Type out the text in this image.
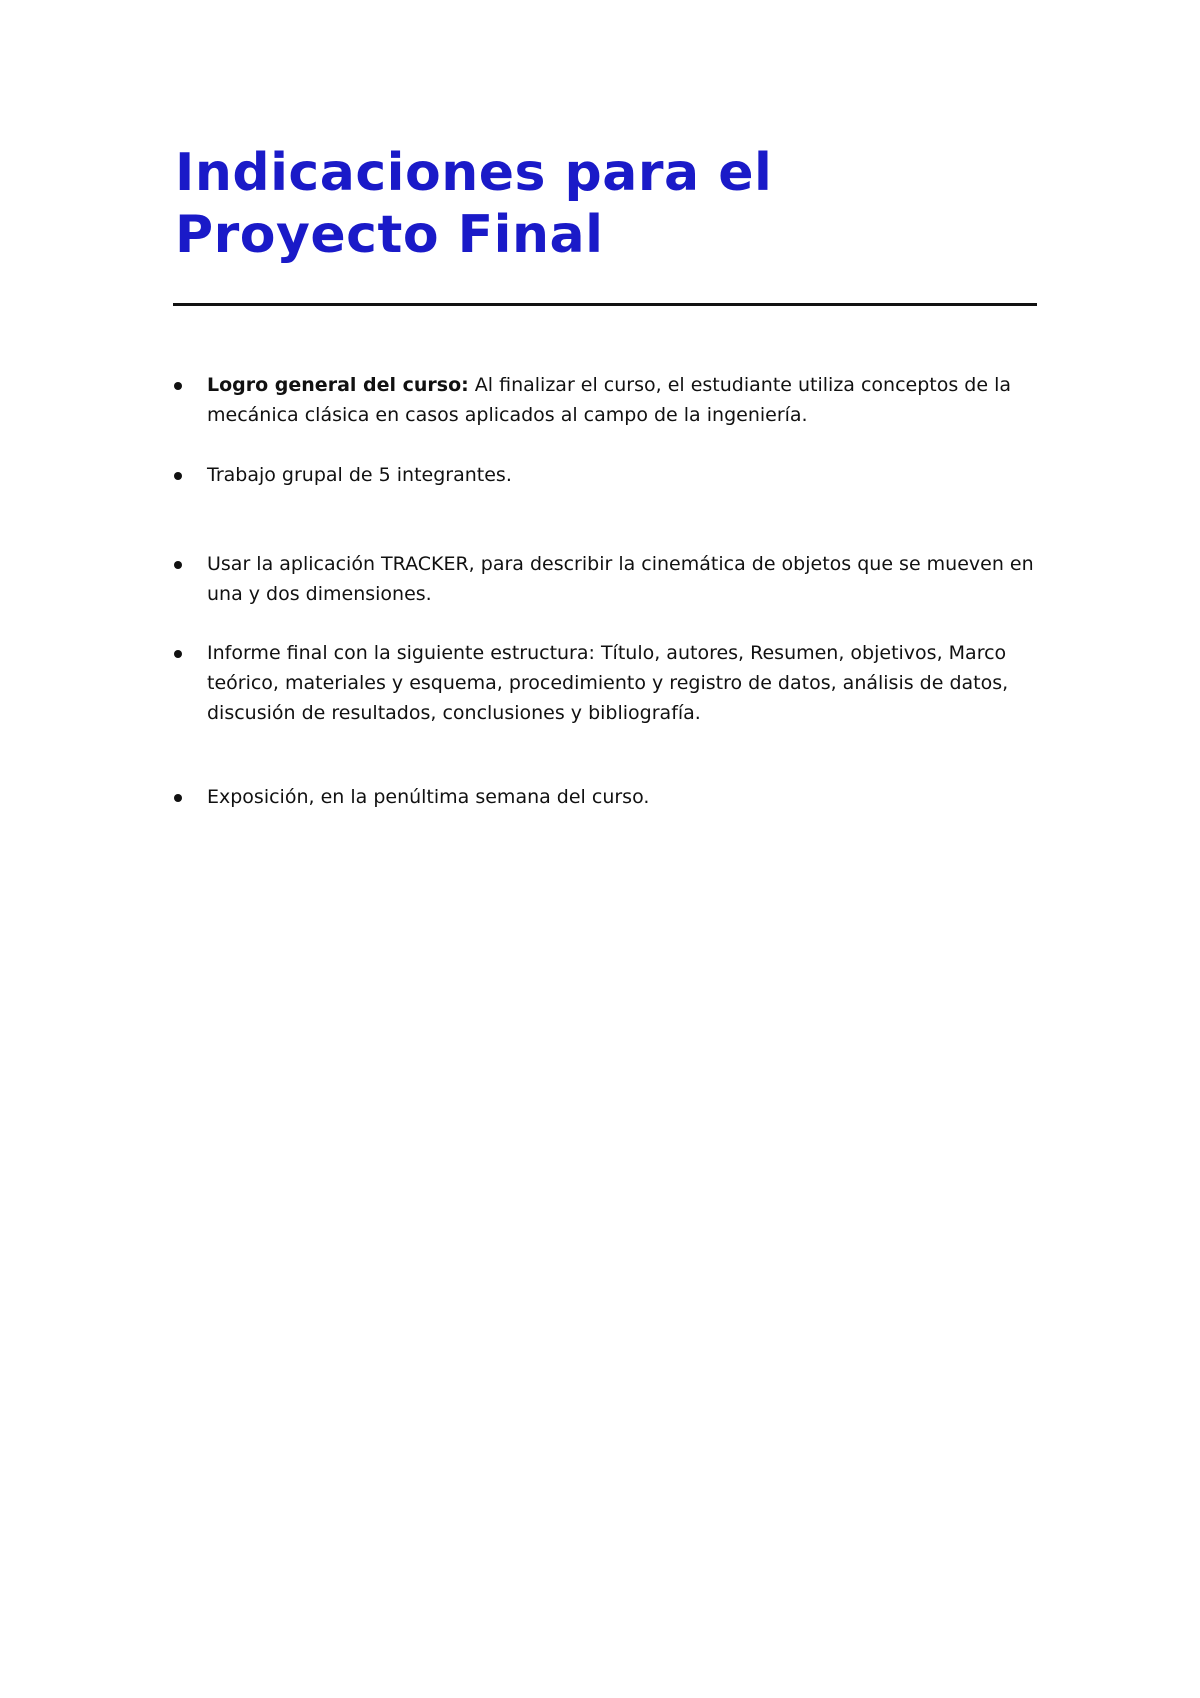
Indicaciones para el
Proyecto Final
Logro general del curso: Al finalizar el curso, el estudiante utiliza conceptos de la mecánica clásica en casos aplicados al campo de la ingeniería.
Trabajo grupal de 5 integrantes.
Usar la aplicación TRACKER, para describir la cinemática de objetos que se mueven en una y dos dimensiones.
Informe final con la siguiente estructura: Título, autores, Resumen, objetivos, Marco teórico, materiales y esquema, procedimiento y registro de datos, análisis de datos, discusión de resultados, conclusiones y bibliografía.
Exposición, en la penúltima semana del curso.
